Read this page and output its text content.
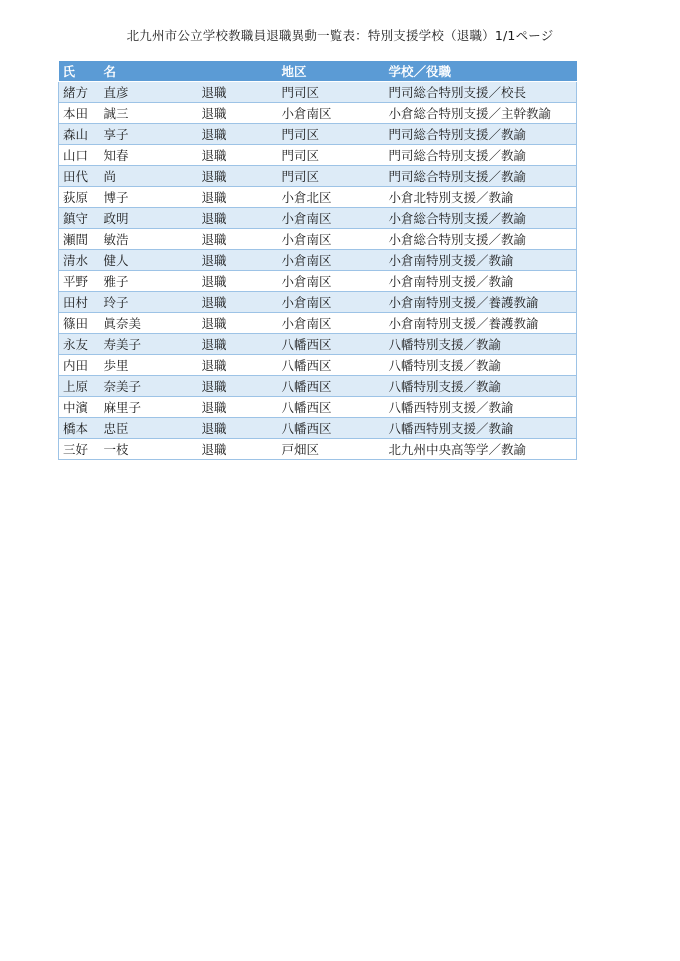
北九州市公立学校教職員退職異動一覧表：特別支援学校（退職）1/1ページ
氏	名		地区	学校／役職
緒方	直彦	退職	門司区	門司総合特別支援／校長
本田	誠三	退職	小倉南区	小倉総合特別支援／主幹教諭
森山	享子	退職	門司区	門司総合特別支援／教諭
山口	知春	退職	門司区	門司総合特別支援／教諭
田代	尚	退職	門司区	門司総合特別支援／教諭
荻原	博子	退職	小倉北区	小倉北特別支援／教諭
鎮守	政明	退職	小倉南区	小倉総合特別支援／教諭
瀬間	敏浩	退職	小倉南区	小倉総合特別支援／教諭
清水	健人	退職	小倉南区	小倉南特別支援／教諭
平野	雅子	退職	小倉南区	小倉南特別支援／教諭
田村	玲子	退職	小倉南区	小倉南特別支援／養護教諭
篠田	眞奈美	退職	小倉南区	小倉南特別支援／養護教諭
永友	寿美子	退職	八幡西区	八幡特別支援／教諭
内田	歩里	退職	八幡西区	八幡特別支援／教諭
上原	奈美子	退職	八幡西区	八幡特別支援／教諭
中濱	麻里子	退職	八幡西区	八幡西特別支援／教諭
橋本	忠臣	退職	八幡西区	八幡西特別支援／教諭
三好	一枝	退職	戸畑区	北九州中央高等学／教諭
